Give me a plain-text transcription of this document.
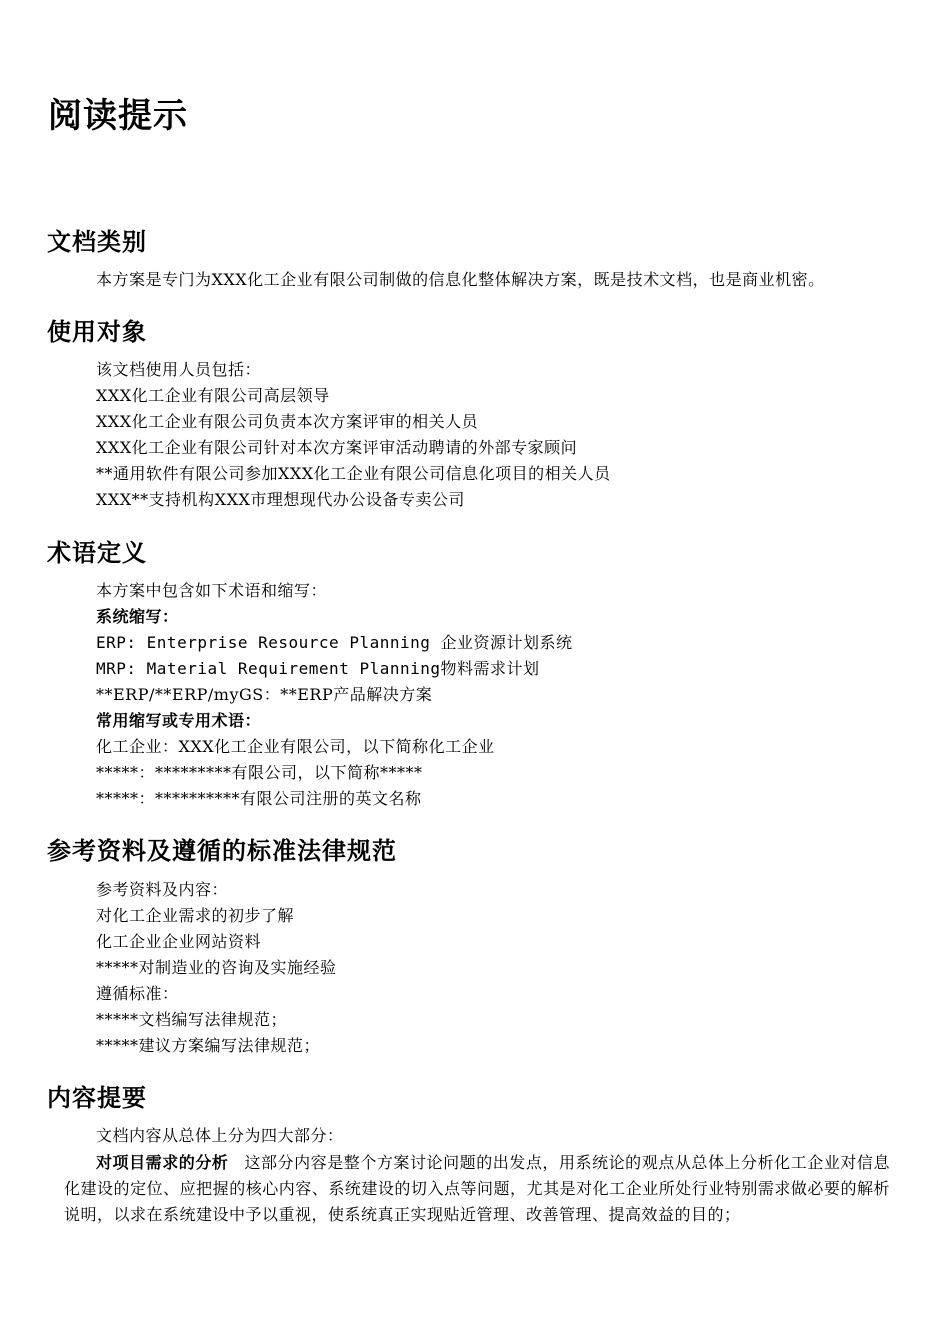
阅读提示
文档类别

本方案是专门为XXX化工企业有限公司制做的信息化整体解决方案，既是技术文档，也是商业机密。

使用对象

该文档使用人员包括：

XXX化工企业有限公司高层领导

XXX化工企业有限公司负责本次方案评审的相关人员

XXX化工企业有限公司针对本次方案评审活动聘请的外部专家顾问

**通用软件有限公司参加XXX化工企业有限公司信息化项目的相关人员

XXX**支持机构XXX市理想现代办公设备专卖公司

术语定义

本方案中包含如下术语和缩写：

系统缩写：

ERP: Enterprise Resource Planning 企业资源计划系统

MRP: Material Requirement Planning物料需求计划

**ERP/**ERP/myGS：**ERP产品解决方案

常用缩写或专用术语：

化工企业：XXX化工企业有限公司，以下简称化工企业

*****：*********有限公司，以下简称*****

*****：**********有限公司注册的英文名称

参考资料及遵循的标准法律规范

参考资料及内容：

对化工企业需求的初步了解

化工企业企业网站资料

*****对制造业的咨询及实施经验

遵循标准：

*****文档编写法律规范；

*****建议方案编写法律规范；

内容提要

文档内容从总体上分为四大部分：

对项目需求的分析 这部分内容是整个方案讨论问题的出发点，用系统论的观点从总体上分析化工企业对信息化建设的定位、应把握的核心内容、系统建设的切入点等问题，尤其是对化工企业所处行业特别需求做必要的解析说明，以求在系统建设中予以重视，使系统真正实现贴近管理、改善管理、提高效益的目的；
